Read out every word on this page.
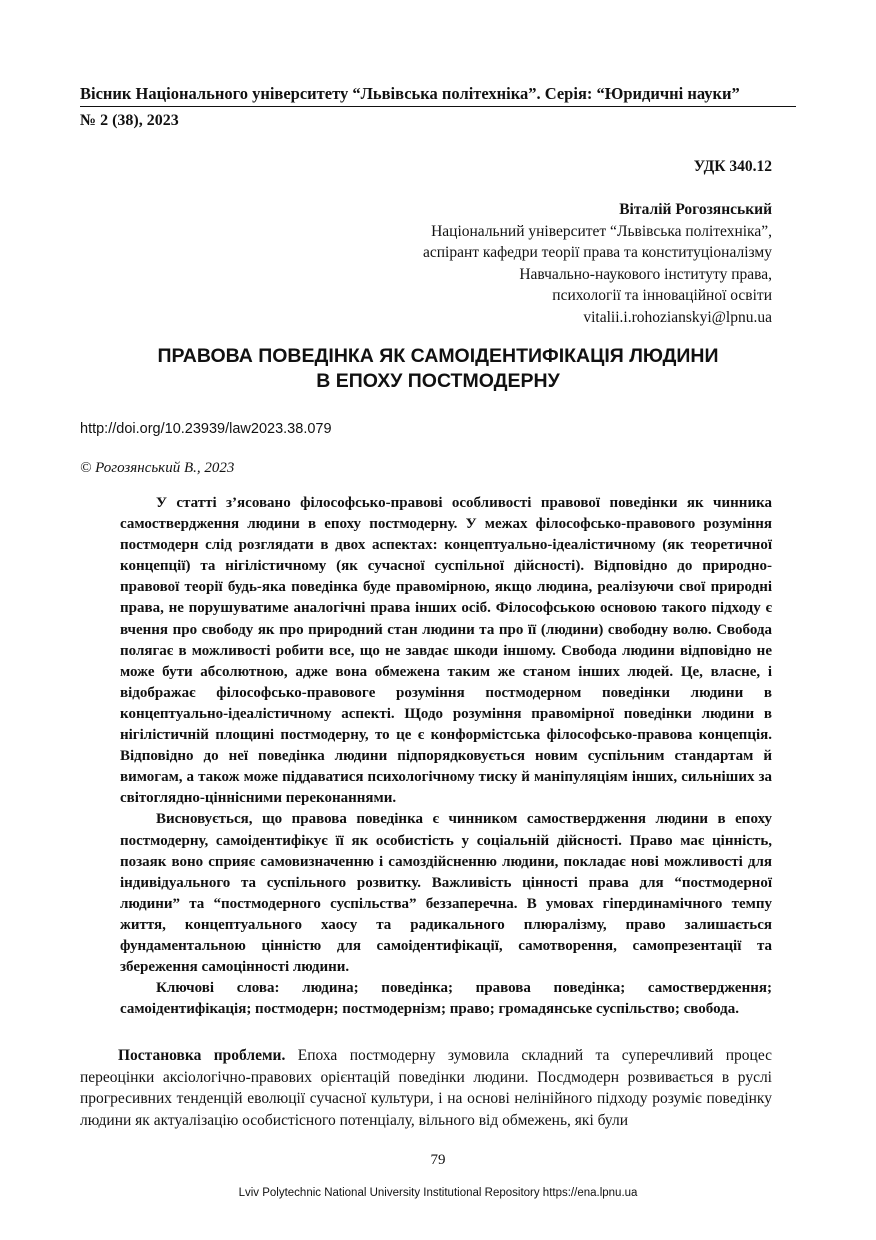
Вісник Національного університету “Львівська політехніка”. Серія: “Юридичні науки”
№ 2 (38), 2023
УДК 340.12
Віталій Рогозянський
Національний університет “Львівська політехніка”,
аспірант кафедри теорії права та конституціоналізму
Навчально-наукового інституту права,
психології та інноваційної освіти
vitalii.i.rohozianskyi@lpnu.ua
ПРАВОВА ПОВЕДІНКА ЯК САМОІДЕНТИФІКАЦІЯ ЛЮДИНИ
В ЕПОХУ ПОСТМОДЕРНУ
http://doi.org/10.23939/law2023.38.079
© Рогозянський В., 2023

У статті з’ясовано філософсько-правові особливості правової поведінки як чинника самоствердження людини в епоху постмодерну. У межах філософсько-правового розуміння постмодерн слід розглядати в двох аспектах: концептуально-ідеалістичному (як теоретичної концепції) та нігілістичному (як сучасної суспільної дійсності). Відповідно до природно-правової теорії будь-яка поведінка буде правомірною, якщо людина, реалізуючи свої природні права, не порушуватиме аналогічні права інших осіб. Філософською основою такого підходу є вчення про свободу як про природний стан людини та про її (людини) свободну волю. Свобода полягає в можливості робити все, що не завдає шкоди іншому. Свобода людини відповідно не може бути абсолютною, адже вона обмежена таким же станом інших людей. Це, власне, і відображає філософсько-правовогe розуміння постмодерном поведінки людини в концептуально-ідеалістичному аспекті. Щодо розуміння правомірної поведінки людини в нігілістичній площині постмодерну, то це є конформістська філософсько-правова концепція. Відповідно до неї поведінка людини підпорядковується новим суспільним стандартам й вимогам, а також може піддаватися психологічному тиску й маніпуляціям інших, сильніших за світоглядно-ціннісними переконаннями.

Висновується, що правова поведінка є чинником самоствердження людини в епоху постмодерну, самоідентифікує її як особистість у соціальній дійсності. Право має цінність, позаяк воно сприяє самовизначенню і самоздійсненню людини, покладає нові можливості для індивідуального та суспільного розвитку. Важливість цінності права для “постмодерної людини” та “постмодерного суспільства” беззаперечна. В умовах гіпердинамічного темпу життя, концептуального хаосу та радикального плюралізму, право залишається фундаментальною цінністю для самоідентифікації, самотворення, самопрезентації та збереження самоцінності людини.

Ключові слова: людина; поведінка; правова поведінка; самоствердження; самоідентифікація; постмодерн; постмодернізм; право; громадянське суспільство; свобода.

Постановка проблеми. Епоха постмодерну зумовила складний та суперечливий процес переоцінки аксіологічно-правових орієнтацій поведінки людини. Посдмодерн розвивається в руслі прогресивних тенденцій еволюції сучасної культури, і на основі нелінійного підходу розуміє поведінку людини як актуалізацію особистісного потенціалу, вільного від обмежень, які були

79
Lviv Polytechnic National University Institutional Repository https://ena.lpnu.ua
